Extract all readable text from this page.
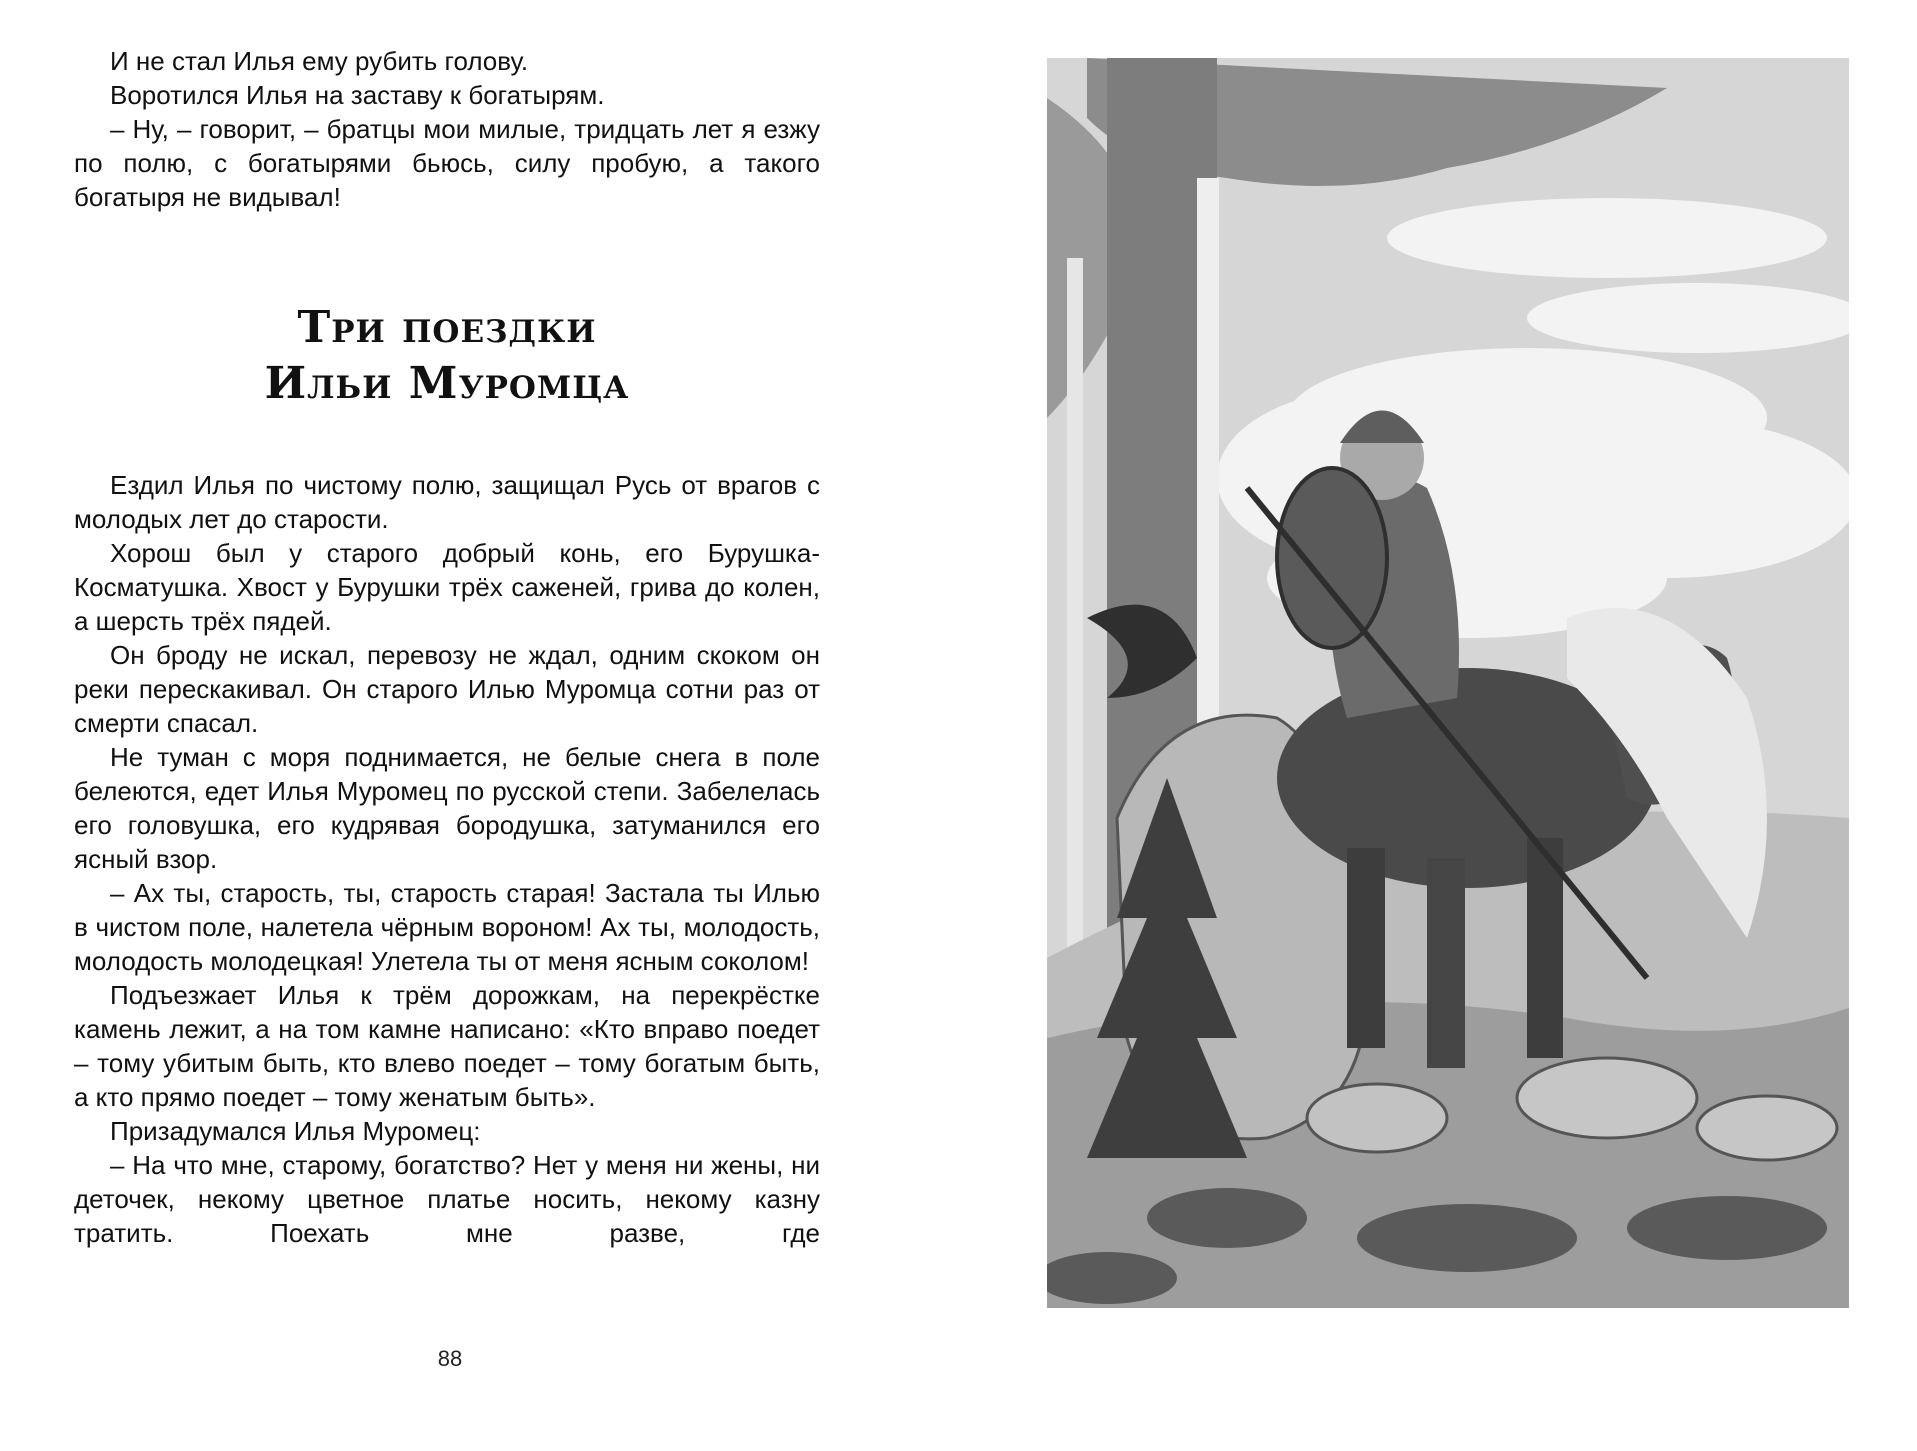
И не стал Илья ему рубить голову.

Воротился Илья на заставу к богатырям.

– Ну, – говорит, – братцы мои милые, тридцать лет я езжу по полю, с богатырями бьюсь, силу пробую, а такого богатыря не видывал!

Три поездки
Ильи Муромца

Ездил Илья по чистому полю, защищал Русь от врагов с молодых лет до старости.

Хорош был у старого добрый конь, его Бурушка-Косматушка. Хвост у Бурушки трёх саженей, грива до колен, а шерсть трёх пядей.

Он броду не искал, перевозу не ждал, одним скоком он реки перескакивал. Он старого Илью Муромца сотни раз от смерти спасал.

Не туман с моря поднимается, не белые снега в поле белеются, едет Илья Муромец по русской степи. Забелелась его головушка, его кудрявая бородушка, затуманился его ясный взор.

– Ах ты, старость, ты, старость старая! Застала ты Илью в чистом поле, налетела чёрным вороном! Ах ты, молодость, молодость молодецкая! Улетела ты от меня ясным соколом!

Подъезжает Илья к трём дорожкам, на перекрёстке камень лежит, а на том камне написано: «Кто вправо поедет – тому убитым быть, кто влево поедет – тому богатым быть, а кто прямо поедет – тому женатым быть».

Призадумался Илья Муромец:

– На что мне, старому, богатство? Нет у меня ни жены, ни деточек, некому цветное платье носить, некому казну тратить. Поехать мне разве, где

88
